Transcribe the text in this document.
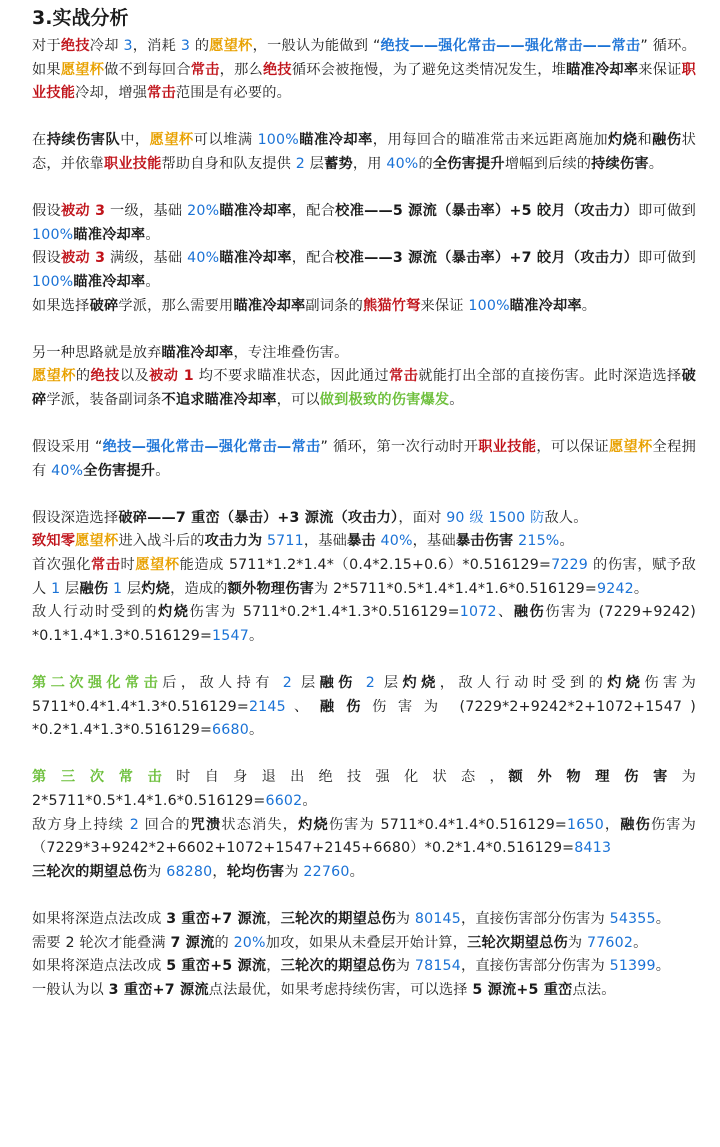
3.实战分析

对于绝技冷却 3，消耗 3 的愿望杯，一般认为能做到 “绝技——强化常击——强化常击——常击” 循环。如果愿望杯做不到每回合常击，那么绝技循环会被拖慢，为了避免这类情况发生，堆瞄准冷却率来保证职业技能冷却，增强常击范围是有必要的。

在持续伤害队中，愿望杯可以堆满 100%瞄准冷却率，用每回合的瞄准常击来远距离施加灼烧和融伤状态，并依靠职业技能帮助自身和队友提供 2 层蓄势，用 40%的全伤害提升增幅到后续的持续伤害。

假设被动 3 一级，基础 20%瞄准冷却率，配合校准——5 源流（暴击率）+5 皎月（攻击力）即可做到 100%瞄准冷却率。

假设被动 3 满级，基础 40%瞄准冷却率，配合校准——3 源流（暴击率）+7 皎月（攻击力）即可做到 100%瞄准冷却率。

如果选择破碎学派，那么需要用瞄准冷却率副词条的熊猫竹弩来保证 100%瞄准冷却率。

另一种思路就是放弃瞄准冷却率，专注堆叠伤害。

愿望杯的绝技以及被动 1 均不要求瞄准状态，因此通过常击就能打出全部的直接伤害。此时深造选择破碎学派，装备副词条不追求瞄准冷却率，可以做到极致的伤害爆发。

假设采用 “绝技—强化常击—强化常击—常击” 循环，第一次行动时开职业技能，可以保证愿望杯全程拥有 40%全伤害提升。

假设深造选择破碎——7 重峦（暴击）+3 源流（攻击力），面对 90 级 1500 防敌人。

致知零愿望杯进入战斗后的攻击力为 5711，基础暴击 40%，基础暴击伤害 215%。

首次强化常击时愿望杯能造成 5711*1.2*1.4*（0.4*2.15+0.6）*0.516129=7229 的伤害，赋予敌人 1 层融伤 1 层灼烧，造成的额外物理伤害为 2*5711*0.5*1.4*1.4*1.6*0.516129=9242。

敌人行动时受到的灼烧伤害为 5711*0.2*1.4*1.3*0.516129=1072、融伤伤害为 (7229+9242) *0.1*1.4*1.3*0.516129=1547。

第二次强化常击后，敌人持有 2 层融伤 2 层灼烧，敌人行动时受到的灼烧伤害为 5711*0.4*1.4*1.3*0.516129=2145 、 融 伤 伤 害 为　(7229*2+9242*2+1072+1547 ) *0.2*1.4*1.3*0.516129=6680。

第 三 次 常 击 时 自 身 退 出 绝 技 强 化 状 态 ，额 外 物 理 伤 害 为 2*5711*0.5*1.4*1.6*0.516129=6602。

敌方身上持续 2 回合的咒溃状态消失，灼烧伤害为 5711*0.4*1.4*0.516129=1650，融伤伤害为（7229*3+9242*2+6602+1072+1547+2145+6680）*0.2*1.4*0.516129=8413

三轮次的期望总伤为 68280，轮均伤害为 22760。

如果将深造点法改成 3 重峦+7 源流，三轮次的期望总伤为 80145，直接伤害部分伤害为 54355。

需要 2 轮次才能叠满 7 源流的 20%加攻，如果从未叠层开始计算，三轮次期望总伤为 77602。

如果将深造点法改成 5 重峦+5 源流，三轮次的期望总伤为 78154，直接伤害部分伤害为 51399。

一般认为以 3 重峦+7 源流点法最优，如果考虑持续伤害，可以选择 5 源流+5 重峦点法。
